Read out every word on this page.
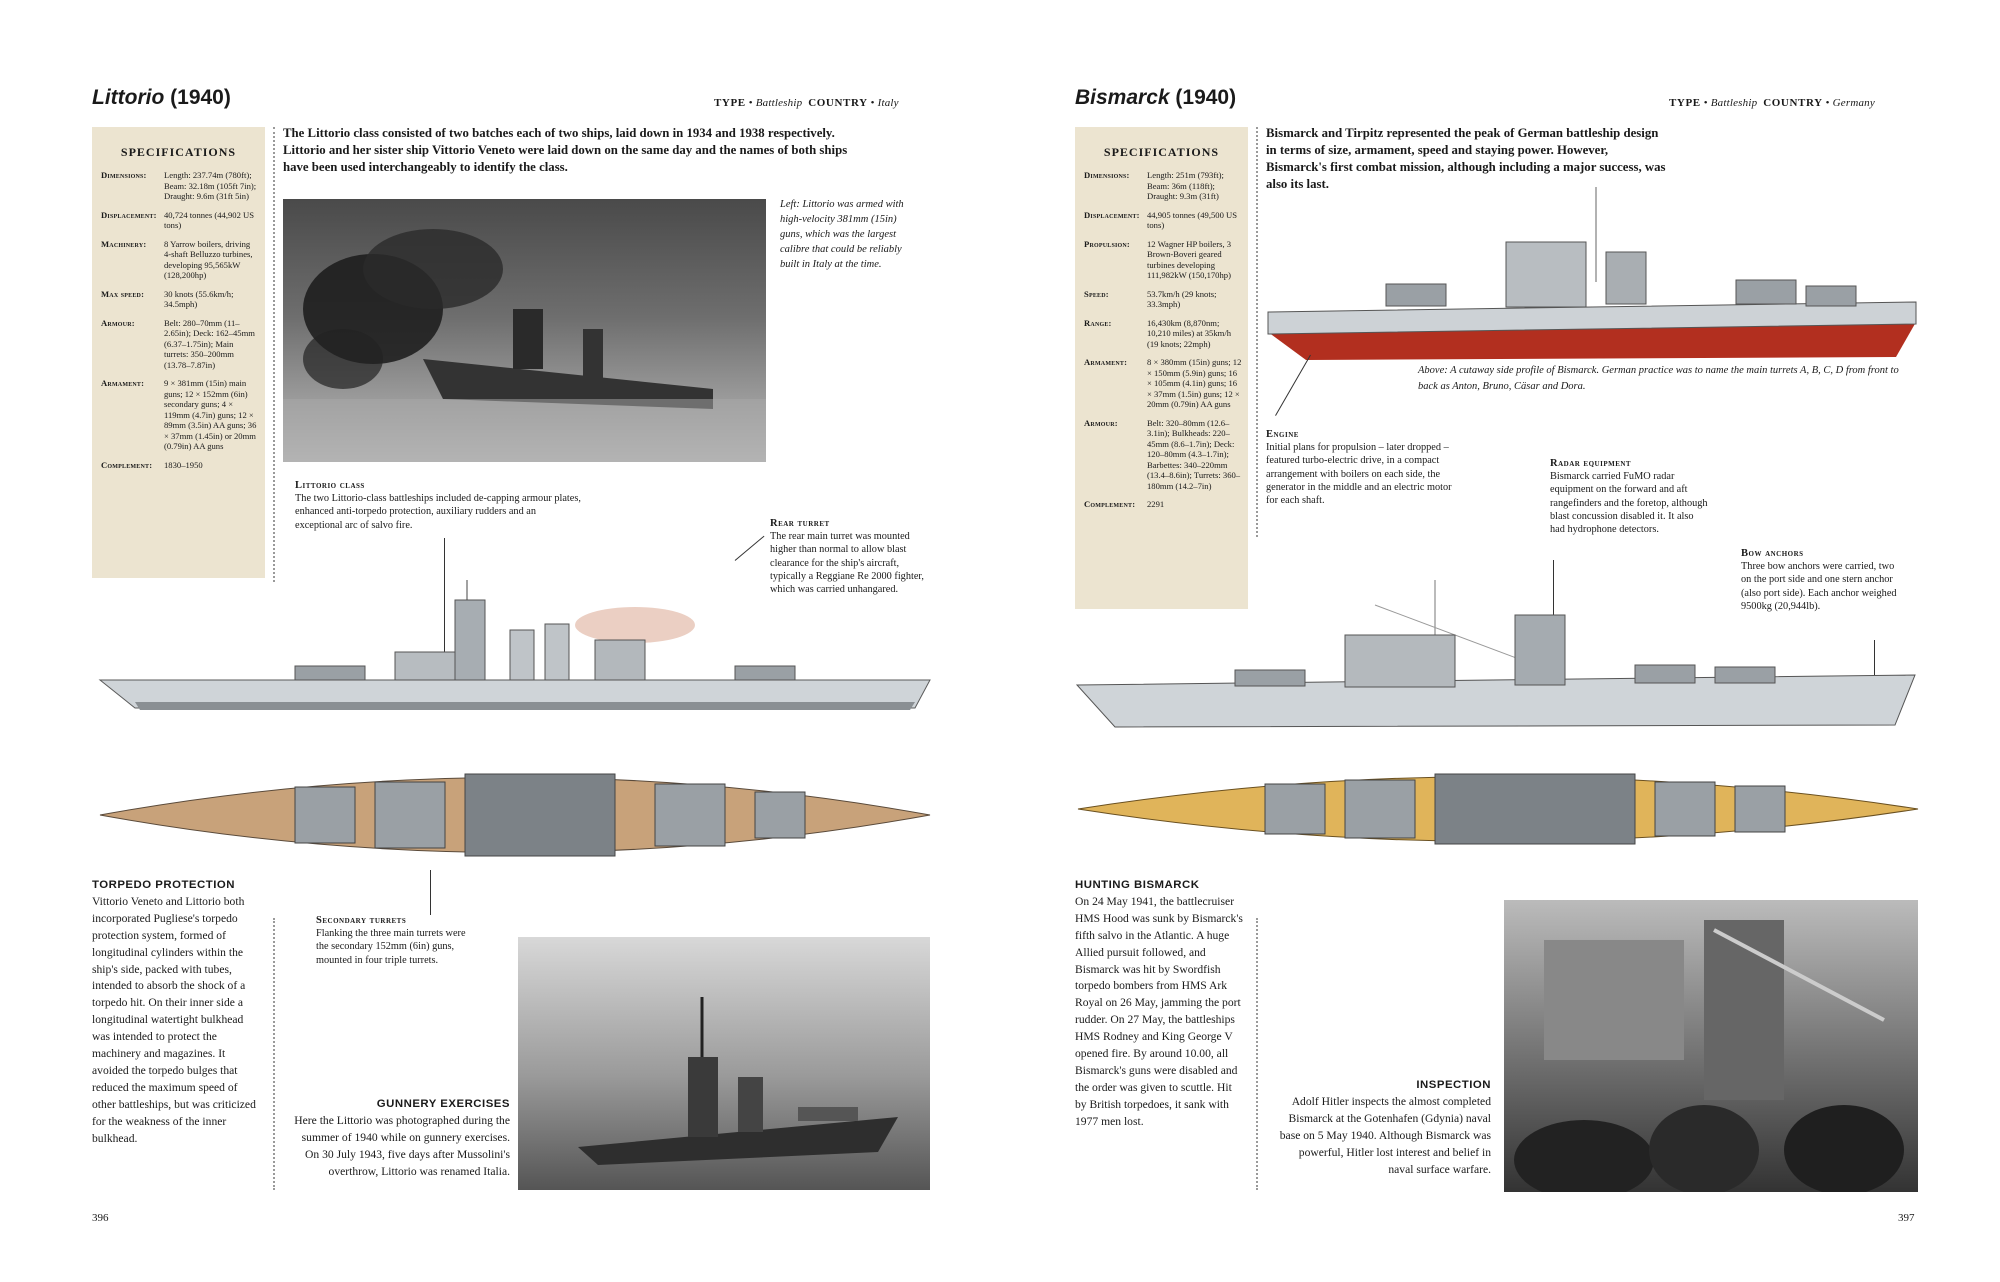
Littorio (1940)	TYPE • Battleship COUNTRY • Italy
SPECIFICATIONS
Dimensions:	Length: 237.74m (780ft); Beam: 32.18m (105ft 7in); Draught: 9.6m (31ft 5in)
Displacement: 40,724 tonnes (44,902 US tons)
Machinery:	8 Yarrow boilers, driving 4-shaft Belluzzo turbines, developing 95,565kW (128,200hp)
Max speed:	30 knots (55.6km/h; 34.5mph)
Armour:	Belt: 280–70mm (11–2.65in); Deck: 162–45mm (6.37–1.75in); Main turrets: 350–200mm (13.78–7.87in)
Armament:	9 × 381mm (15in) main guns; 12 × 152mm (6in) secondary guns; 4 × 119mm (4.7in) guns; 12 × 89mm (3.5in) AA guns; 36 × 37mm (1.45in) or 20mm (0.79in) AA guns
Complement:	1830–1950
The Littorio class consisted of two batches each of two ships, laid down in 1934 and 1938 respectively. Littorio and her sister ship Vittorio Veneto were laid down on the same day and the names of both ships have been used interchangeably to identify the class.
Left: Littorio was armed with high-velocity 381mm (15in) guns, which was the largest calibre that could be reliably built in Italy at the time.
Littorio class
The two Littorio-class battleships included de-capping armour plates, enhanced anti-torpedo protection, auxiliary rudders and an exceptional arc of salvo fire.	Rear turret
The rear main turret was mounted higher than normal to allow blast clearance for the ship's aircraft, typically a Reggiane Re 2000 fighter, which was carried unhangared.
TORPEDO PROTECTION
Vittorio Veneto and Littorio both incorporated Pugliese's torpedo protection system, formed of longitudinal cylinders within the ship's side, packed with tubes, intended to absorb the shock of a torpedo hit. On their inner side a longitudinal watertight bulkhead was intended to protect the machinery and magazines. It avoided the torpedo bulges that reduced the maximum speed of other battleships, but was criticized for the weakness of the inner bulkhead.
Secondary turrets
Flanking the three main turrets were the secondary 152mm (6in) guns, mounted in four triple turrets.
GUNNERY EXERCISES
Here the Littorio was photographed during the summer of 1940 while on gunnery exercises. On 30 July 1943, five days after Mussolini's overthrow, Littorio was renamed Italia.
396
Bismarck (1940)	TYPE • Battleship COUNTRY • Germany
SPECIFICATIONS
Dimensions:	Length: 251m (793ft); Beam: 36m (118ft); Draught: 9.3m (31ft)
Displacement: 44,905 tonnes (49,500 US tons)
Propulsion:	12 Wagner HP boilers, 3 Brown-Boveri geared turbines developing 111,982kW (150,170hp)
Speed:	53.7km/h (29 knots; 33.3mph)
Range:	16,430km (8,870nm; 10,210 miles) at 35km/h (19 knots; 22mph)
Armament:	8 × 380mm (15in) guns; 12 × 150mm (5.9in) guns; 16 × 105mm (4.1in) guns; 16 × 37mm (1.5in) guns; 12 × 20mm (0.79in) AA guns
Armour:	Belt: 320–80mm (12.6–3.1in); Bulkheads: 220–45mm (8.6–1.7in); Deck: 120–80mm (4.3–1.7in); Barbettes: 340–220mm (13.4–8.6in); Turrets: 360–180mm (14.2–7in)
Complement:	2291
Bismarck and Tirpitz represented the peak of German battleship design in terms of size, armament, speed and staying power. However, Bismarck's first combat mission, although including a major success, was also its last.
Above: A cutaway side profile of Bismarck. German practice was to name the main turrets A, B, C, D from front to back as Anton, Bruno, Cäsar and Dora.
Engine
Initial plans for propulsion – later dropped – featured turbo-electric drive, in a compact arrangement with boilers on each side, the generator in the middle and an electric motor for each shaft.
Radar equipment
Bismarck carried FuMO radar equipment on the forward and aft rangefinders and the foretop, although blast concussion disabled it. It also had hydrophone detectors.
Bow anchors
Three bow anchors were carried, two on the port side and one stern anchor (also port side). Each anchor weighed 9500kg (20,944lb).
HUNTING BISMARCK
On 24 May 1941, the battlecruiser HMS Hood was sunk by Bismarck's fifth salvo in the Atlantic. A huge Allied pursuit followed, and Bismarck was hit by Swordfish torpedo bombers from HMS Ark Royal on 26 May, jamming the port rudder. On 27 May, the battleships HMS Rodney and King George V opened fire. By around 10.00, all Bismarck's guns were disabled and the order was given to scuttle. Hit by British torpedoes, it sank with 1977 men lost.
INSPECTION
Adolf Hitler inspects the almost completed Bismarck at the Gotenhafen (Gdynia) naval base on 5 May 1940. Although Bismarck was powerful, Hitler lost interest and belief in naval surface warfare.
397
